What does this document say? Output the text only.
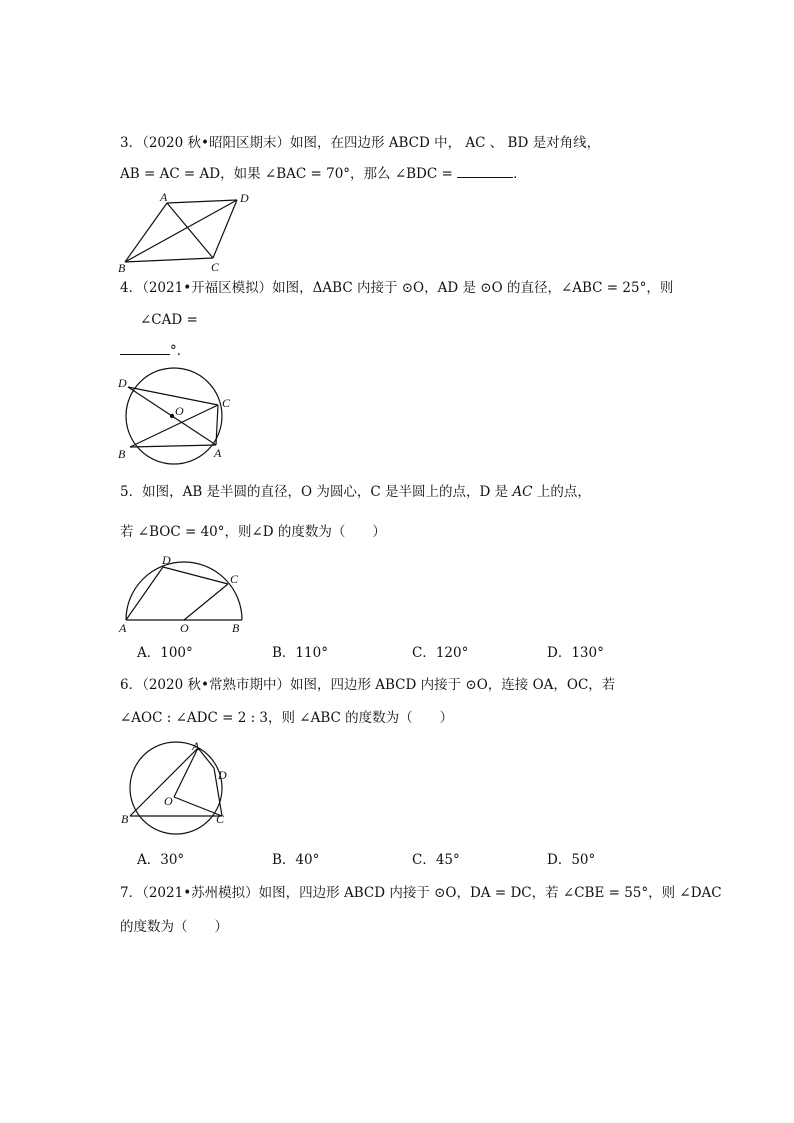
3．（2020 秋•昭阳区期末）如图，在四边形 ABCD 中， AC 、 BD 是对角线，
AB = AC = AD，如果 ∠BAC = 70°，那么 ∠BDC =	．
A	D
C
B
4．（2021•开福区模拟）如图，ΔABC 内接于 ⊙O，AD 是 ⊙O 的直径，∠ABC = 25°，则
∠CAD =
°．
D
C
O
B	A
5．如图，AB 是半圆的直径，O 为圆心，C 是半圆上的点，D 是 AC 上的点，
若 ∠BOC = 40°，则∠D 的度数为（　　）
D
C
A	O	B
A．100°	B．110°	C．120°	D．130°
6．（2020 秋•常熟市期中）如图，四边形 ABCD 内接于 ⊙O，连接 OA，OC，若
∠AOC : ∠ADC = 2 : 3，则 ∠ABC 的度数为（　　）
A
D
O
B	C
A．30°	B．40°	C．45°	D．50°
7．（2021•苏州模拟）如图，四边形 ABCD 内接于 ⊙O，DA = DC，若 ∠CBE = 55°，则 ∠DAC
的度数为（　　）
